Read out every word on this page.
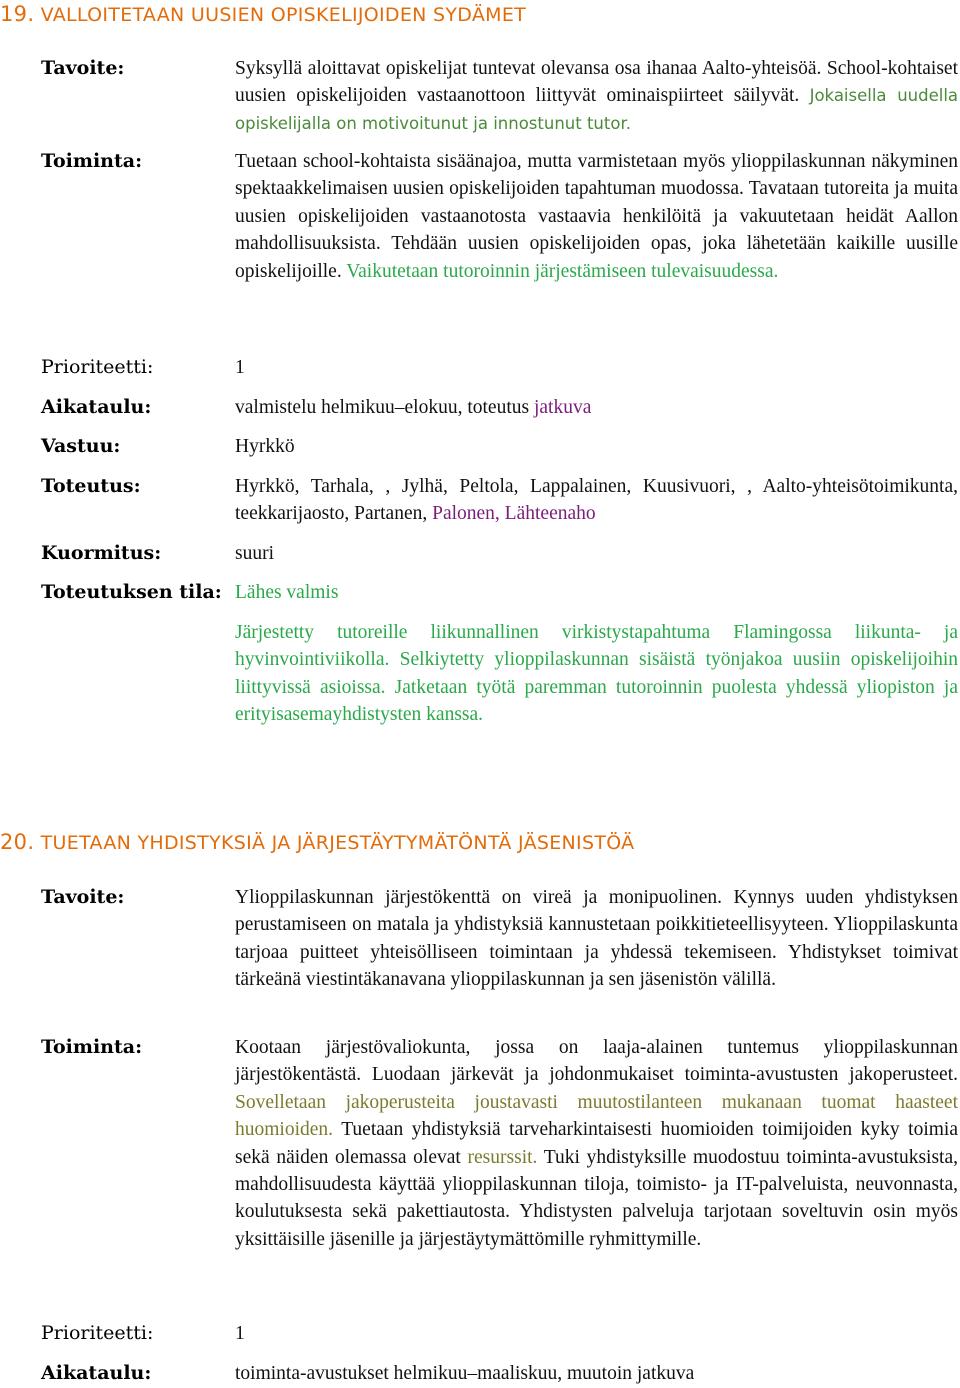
19. VALLOITETAAN UUSIEN OPISKELIJOIDEN SYDÄMET
Tavoite:	Syksyllä aloittavat opiskelijat tuntevat olevansa osa ihanaa Aalto-yhteisöä. School-kohtaiset uusien opiskelijoiden vastaanottoon liittyvät ominaispiirteet säilyvät. Jokaisella uudella opiskelijalla on motivoitunut ja innostunut tutor.
Toiminta:	Tuetaan school-kohtaista sisäänajoa, mutta varmistetaan myös ylioppilaskunnan näkyminen spektaakkelimaisen uusien opiskelijoiden tapahtuman muodossa. Tavataan tutoreita ja muita uusien opiskelijoiden vastaanotosta vastaavia henkilöitä ja vakuutetaan heidät Aallon mahdollisuuksista. Tehdään uusien opiskelijoiden opas, joka lähetetään kaikille uusille opiskelijoille. Vaikutetaan tutoroinnin järjestämiseen tulevaisuudessa.
Prioriteetti:	1
Aikataulu:	valmistelu helmikuu–elokuu, toteutus jatkuva
Vastuu:	Hyrkkö
Toteutus:	Hyrkkö, Tarhala, , Jylhä, Peltola, Lappalainen, Kuusivuori, , Aalto-yhteisötoimikunta, teekkarijaosto, Partanen, Palonen, Lähteenaho
Kuormitus:	suuri
Toteutuksen tila: Lähes valmis
Järjestetty tutoreille liikunnallinen virkistystapahtuma Flamingossa liikunta- ja hyvinvointiviikolla. Selkiytetty ylioppilaskunnan sisäistä työnjakoa uusiin opiskelijoihin liittyvissä asioissa. Jatketaan työtä paremman tutoroinnin puolesta yhdessä yliopiston ja erityisasemayhdistysten kanssa.
20. TUETAAN YHDISTYKSIÄ JA JÄRJESTÄYTYMÄTÖNTÄ JÄSENISTÖÄ
Tavoite:	Ylioppilaskunnan järjestökenttä on vireä ja monipuolinen. Kynnys uuden yhdistyksen perustamiseen on matala ja yhdistyksiä kannustetaan poikkitieteellisyyteen. Ylioppilaskunta tarjoaa puitteet yhteisölliseen toimintaan ja yhdessä tekemiseen. Yhdistykset toimivat tärkeänä viestintäkanavana ylioppilaskunnan ja sen jäsenistön välillä.
Toiminta:	Kootaan järjestövaliokunta, jossa on laaja-alainen tuntemus ylioppilaskunnan järjestökentästä. Luodaan järkevät ja johdonmukaiset toiminta-avustusten jakoperusteet. Sovelletaan jakoperusteita joustavasti muutostilanteen mukanaan tuomat haasteet huomioiden. Tuetaan yhdistyksiä tarveharkintaisesti huomioiden toimijoiden kyky toimia sekä näiden olemassa olevat resurssit. Tuki yhdistyksille muodostuu toiminta-avustuksista, mahdollisuudesta käyttää ylioppilaskunnan tiloja, toimisto- ja IT-palveluista, neuvonnasta, koulutuksesta sekä pakettiautosta. Yhdistysten palveluja tarjotaan soveltuvin osin myös yksittäisille jäsenille ja järjestäytymättömille ryhmittymille.
Prioriteetti:	1
Aikataulu:	toiminta-avustukset helmikuu–maaliskuu, muutoin jatkuva
